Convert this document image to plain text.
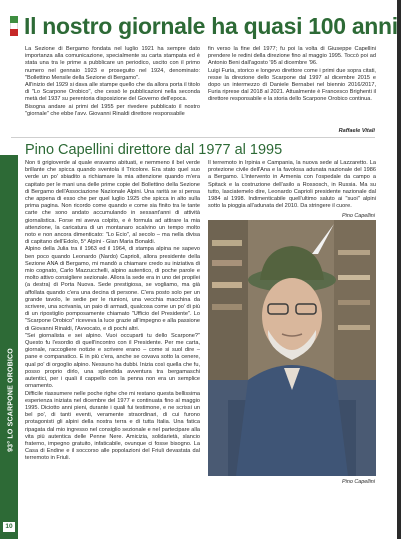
Il nostro giornale ha quasi 100 anni

La Sezione di Bergamo fondata nel luglio 1921 ha sempre dato importanza alla comunicazione, specialmente su carta stampata ed è stata una tra le prime a pubblicare un periodico, uscito con il primo numero nel gennaio 1923 e proseguito nel 1924, denominato: "Bollettino Mensile della Sezione di Bergamo".

All'inizio del 1929 si dava alle stampe quello che da allora porta il titolo di "Lo Scarpone Orobico", che cessò le pubblicazioni nella seconda metà del 1937 su perentoria disposizione del Governo dell'epoca.

Bisogna andare ai primi del 1955 per rivedere pubblicato il nostro "giornale" che ebbe l'avv. Giovanni Rinaldi direttore responsabile

fin verso la fine del 1977; fu poi la volta di Giuseppe Capellini prendere le redini della direzione fino al maggio 1995. Toccò poi ad Antonio Beni dall'agosto '95 al dicembre '96.

Luigi Furia, storico e longevo direttore come i primi due sopra citati, resse la direzione dello Scarpone dal 1997 al dicembre 2015 e dopo un intermezzo di Daniele Bernabei nel biennio 2016/2017, Furia riprese dal 2018 al 2021. Attualmente è Francesco Brighenti il direttore responsabile e la storia dello Scarpone Orobico continua.

Raffaele Vitali
Pino Capellini direttore dal 1977 al 1995

Non ti grigioverde al quale eravamo abituati, e nemmeno il bel verde brillante che spicca quando sventola il Tricolore. Era stato quel suo verde un po' sbiadito a richiamare la mia attenzione quando m'era capitato per le mani una delle prime copie del Bollettino della Sezione di Bergamo dell'Associazione Nazionale Alpini. Una rarità se si pensa che appena di esso che per quel luglio 1925 che spicca in alto sulla prima pagina. Non ricordo come quando e come sia finito tra le tante carte che sono andato accumulando in sessant'anni di attività giornalistica. Forse mi aveva colpito, e è formula ad attirare la mia attenzione, la caricatura di un montanaro scalvino un tempo molto noto e non ancora dimenticato: "Lo Ecio", al secolo – ma nella divisa di capitano dell'Edolo, 5° Alpini - Gian Maria Bonaldi.

Alpino della Julia tra il 1963 ed il 1964, di stampa alpina ne sapevo ben poco quando Leonardo (Nardo) Caprioli, allora presidente della Sezione ANA di Bergamo, mi mandò a chiamare credo su iniziativa di mio cognato, Carlo Mazzucchelli, alpino autentico, di poche parole e molto attivo consigliere sezionale. Allora la sede era in uno dei propilei (a destra) di Porta Nuova. Sede prestigiosa, se vogliamo, ma già affollata quando c'era una decina di persone. C'era posto solo per un grande tavolo, le sedie per le riunioni, una vecchia macchina da scrivere, una scrivania, un paio di armadi, qualcosa come un po' di più di un ripostiglio pomposamente chiamato "Ufficio del Presidente". Lo "Scarpone Orobico" riceveva la luce grazie all'impegno e alla passione di Giovanni Rinaldi, l'Avvocato, e di pochi altri.

"Sei giornalista e sei alpino. Vuoi occuparti tu dello Scarpone?" Questo fu l'esordio di quell'incontro con il Presidente. Per me carta, giornale, raccogliere notizie e scrivere erano – come si suol dire – pane e companatico. E in più c'era, anche se covava sotto la cenere, qual po' di orgoglio alpino. Nessuno ha dubbi. Inizia così quella che fu, posso proprio dirlo, una splendida avventura tra bergamaschi autentici, per i quali il cappello con la penna non era un semplice ornamento.

Difficile riassumere nelle poche righe che mi restano questa bellissima esperienza iniziata nel dicembre del 1977 e continuata fino al maggio 1995. Diciotto anni pieni, durante i quali fui testimone, e ne scrissi un bel po', di tanti eventi, veramente straordinari, di cui furono protagonisti gli alpini della nostra terra e di tutta Italia. Una fatica ripagata dal mio ingresso nel consiglio sezionale e nel partecipare alla vita più autentica delle Penne Nere. Amicizia, solidarietà, slancio fraterno, impegno gratuito, infaticabile, ovunque ci fosse bisogno. La Casa di Endine e il soccorso alle popolazioni del Friuli devastata dal terremoto in Friuli.

Il terremoto in Irpinia e Campania, la nuova sede al Lazzaretto. La protezione civile dell'Ana e la favolosa adunata nazionale del 1986 a Bergamo. L'intervento in Armenia con l'ospedale da campo a Spitack e la costruzione dell'asilo a Rossosch, in Russia. Ma su tutto, lasciatemelo dire, Leonardo Caprioli presidente nazionale dal 1984 al 1998. Indimenticabile quell'ultimo saluto ai "suoi" alpini sotto la pioggia all'adunata del 2010. Da stringere il cuore.

Pino Capellini
Pino Capellini
93° LO SCARPONE OROBICO
10
